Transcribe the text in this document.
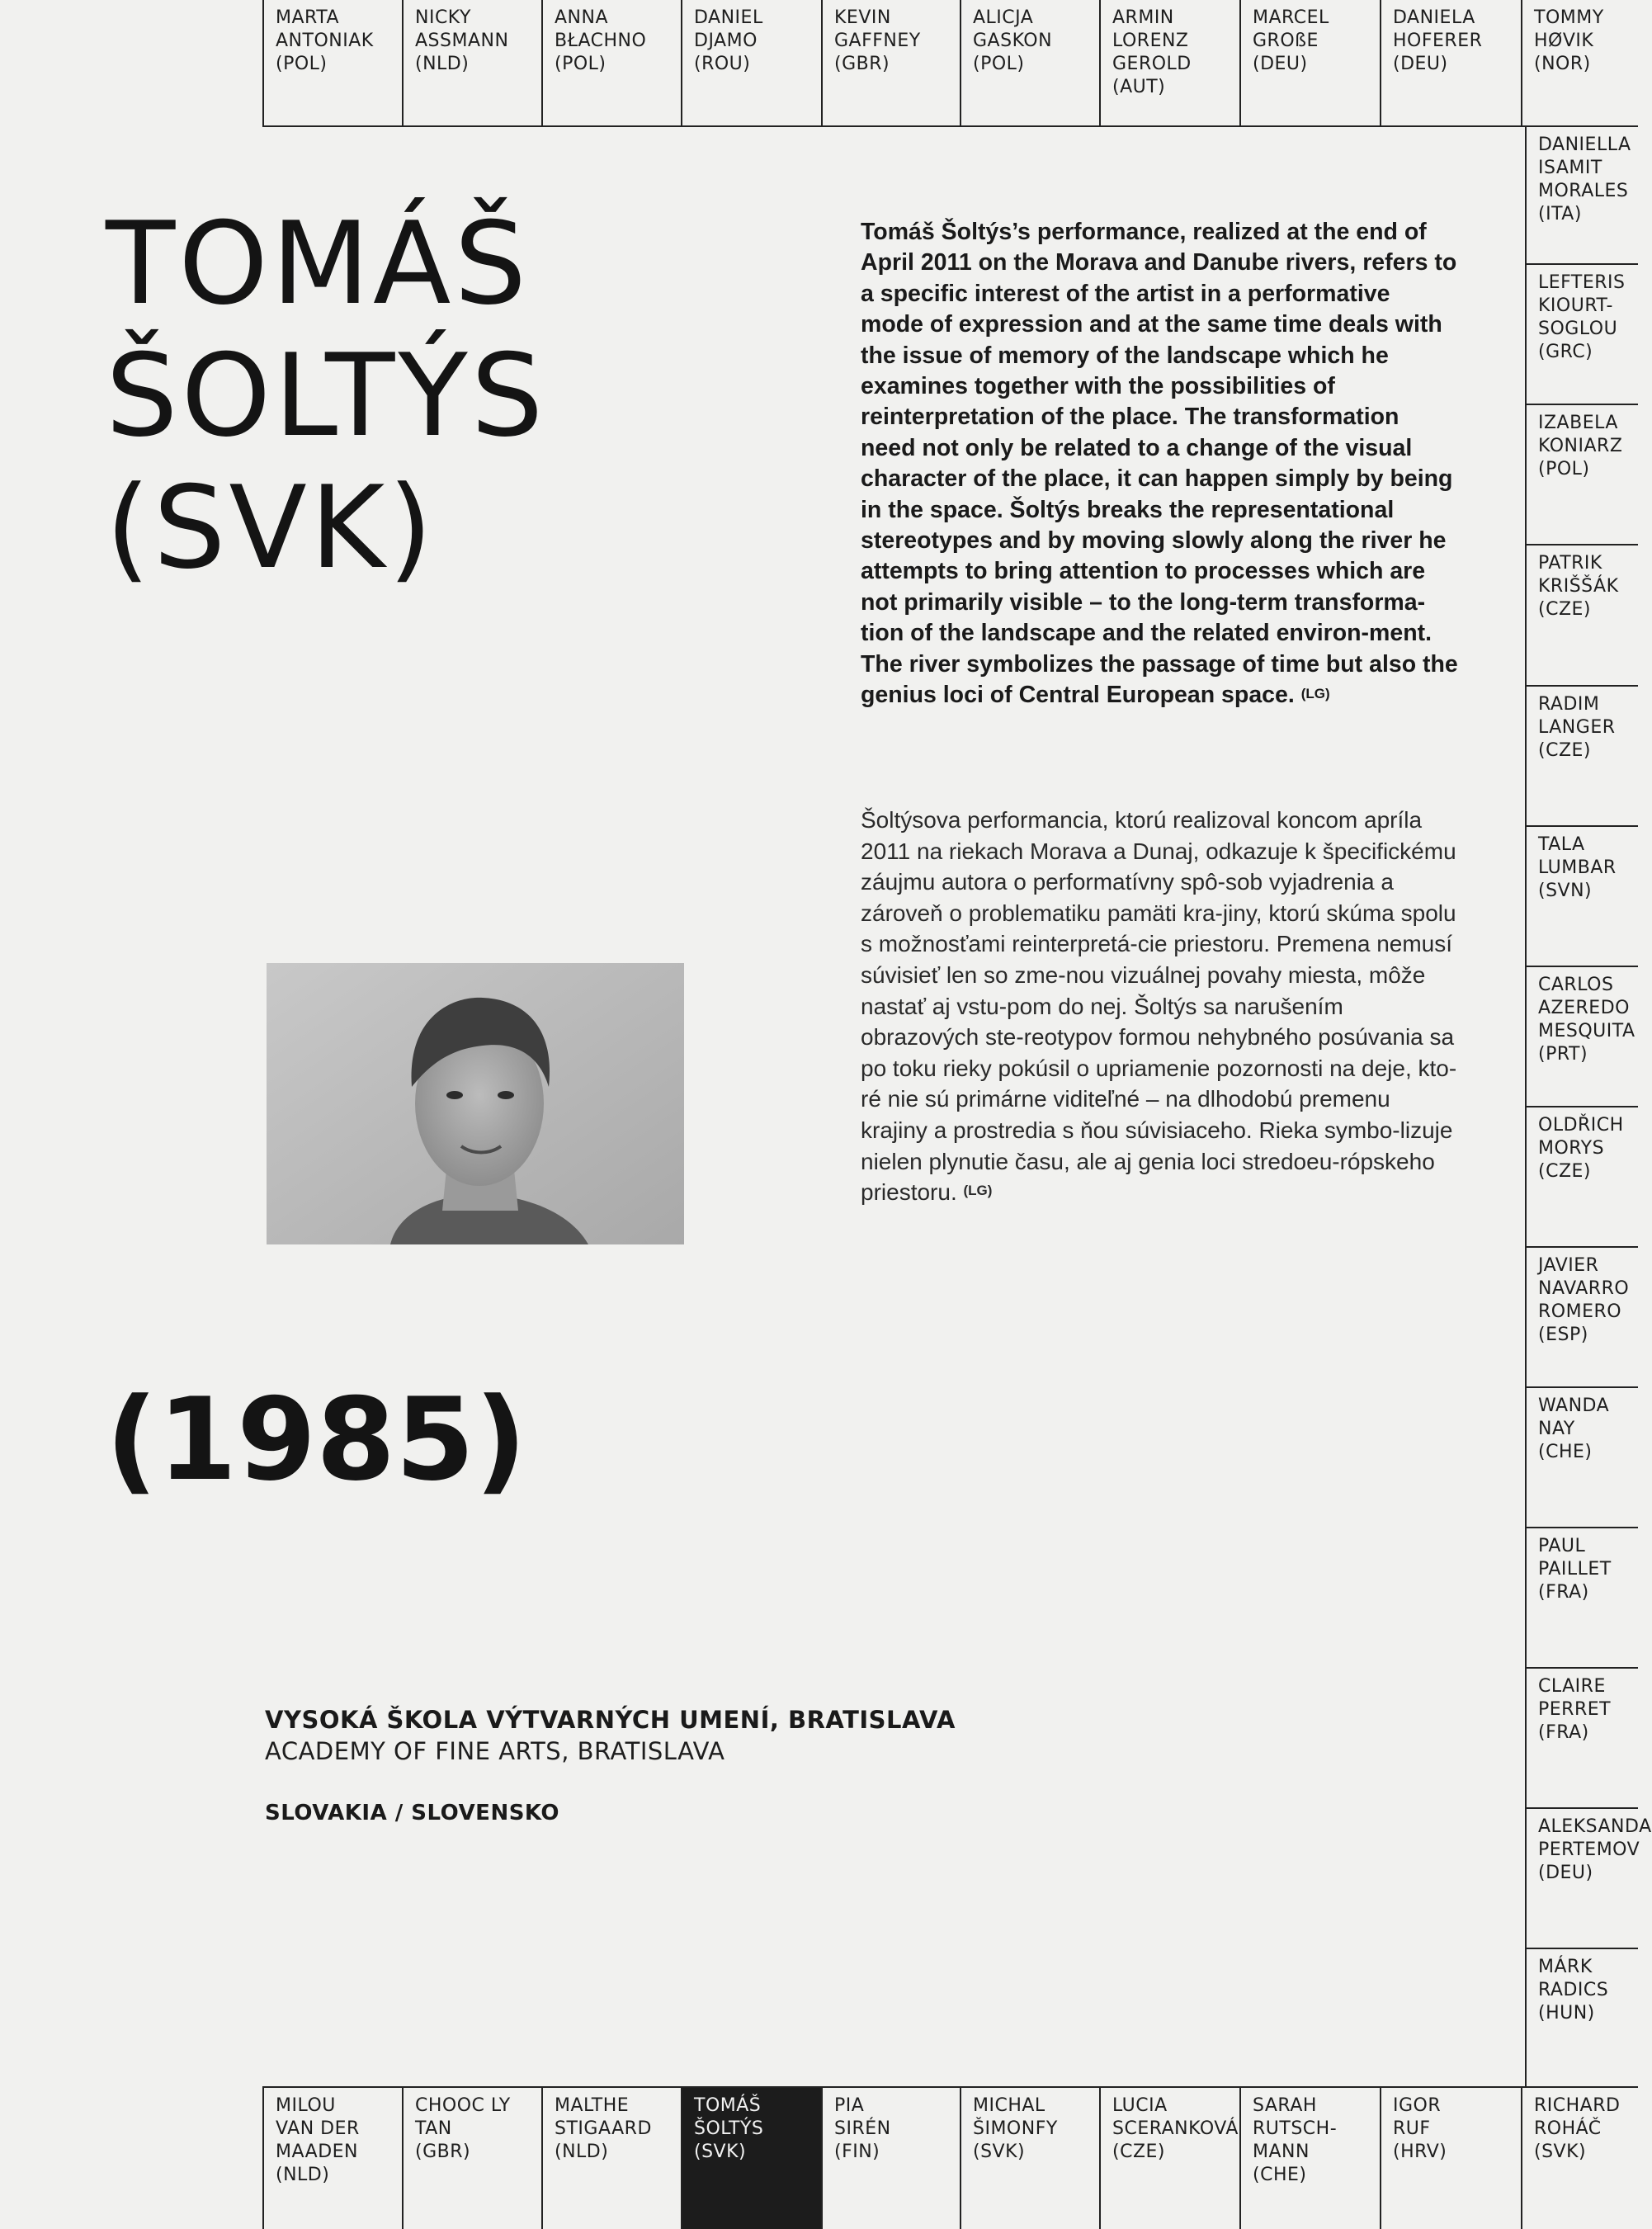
MARTA
ANTONIAK
(POL)
NICKY
ASSMANN
(NLD)
ANNA
BŁACHNO
(POL)
DANIEL
DJAMO
(ROU)
KEVIN
GAFFNEY
(GBR)
ALICJA
GASKON
(POL)
ARMIN
LORENZ
GEROLD
(AUT)
MARCEL
GROßE
(DEU)
DANIELA
HOFERER
(DEU)
TOMMY
HØVIK
(NOR)
DANIELLA
ISAMIT
MORALES
(ITA)
LEFTERIS
KIOURT-
SOGLOU
(GRC)
IZABELA
KONIARZ
(POL)
PATRIK
KRIŠŠÁK
(CZE)
RADIM
LANGER
(CZE)
TALA
LUMBAR
(SVN)
CARLOS
AZEREDO
MESQUITA
(PRT)
OLDŘICH
MORYS
(CZE)
JAVIER
NAVARRO
ROMERO
(ESP)
WANDA
NAY
(CHE)
PAUL
PAILLET
(FRA)
CLAIRE
PERRET
(FRA)
ALEKSANDA
PERTEMOV
(DEU)
MÁRK
RADICS
(HUN)
MILOU
VAN DER
MAADEN
(NLD)
CHOOC LY
TAN
(GBR)
MALTHE
STIGAARD
(NLD)
TOMÁŠ
ŠOLTÝS
(SVK)
PIA
SIRÉN
(FIN)
MICHAL
ŠIMONFY
(SVK)
LUCIA
SCERANKOVÁ
(CZE)
SARAH
RUTSCH-
MANN
(CHE)
IGOR
RUF
(HRV)
RICHARD
ROHÁČ
(SVK)
TOMÁŠ
ŠOLTÝS
(SVK)
(1985)

Tomáš Šoltýs’s performance, realized at the end of April 2011 on the Morava and Danube rivers, refers to a specific interest of the artist in a performative mode of expression and at the same time deals with the issue of memory of the landscape which he examines together with the possibilities of reinterpretation of the place. The transformation need not only be related to a change of the visual character of the place, it can happen simply by being in the space. Šoltýs breaks the representational stereotypes and by moving slowly along the river he attempts to bring attention to processes which are not primarily visible – to the long-term transforma-tion of the landscape and the related environ-ment. The river symbolizes the passage of time but also the genius loci of Central European space. $^{(LG)}$

Šoltýsova performancia, ktorú realizoval koncom apríla 2011 na riekach Morava a Dunaj, odkazuje k špecifickému záujmu autora o performatívny spô-sob vyjadrenia a zároveň o problematiku pamäti kra-jiny, ktorú skúma spolu s možnosťami reinterpretá-cie priestoru. Premena nemusí súvisieť len so zme-nou vizuálnej povahy miesta, môže nastať aj vstu-pom do nej. Šoltýs sa narušením obrazových ste-reotypov formou nehybného posúvania sa po toku rieky pokúsil o upriamenie pozornosti na deje, kto-ré nie sú primárne viditeľné – na dlhodobú premenu krajiny a prostredia s ňou súvisiaceho. Rieka symbo-lizuje nielen plynutie času, ale aj genia loci stredoeu-rópskeho priestoru. $^{(LG)}$

VYSOKÁ ŠKOLA VÝTVARNÝCH UMENÍ, BRATISLAVA
ACADEMY OF FINE ARTS, BRATISLAVA
SLOVAKIA / SLOVENSKO
